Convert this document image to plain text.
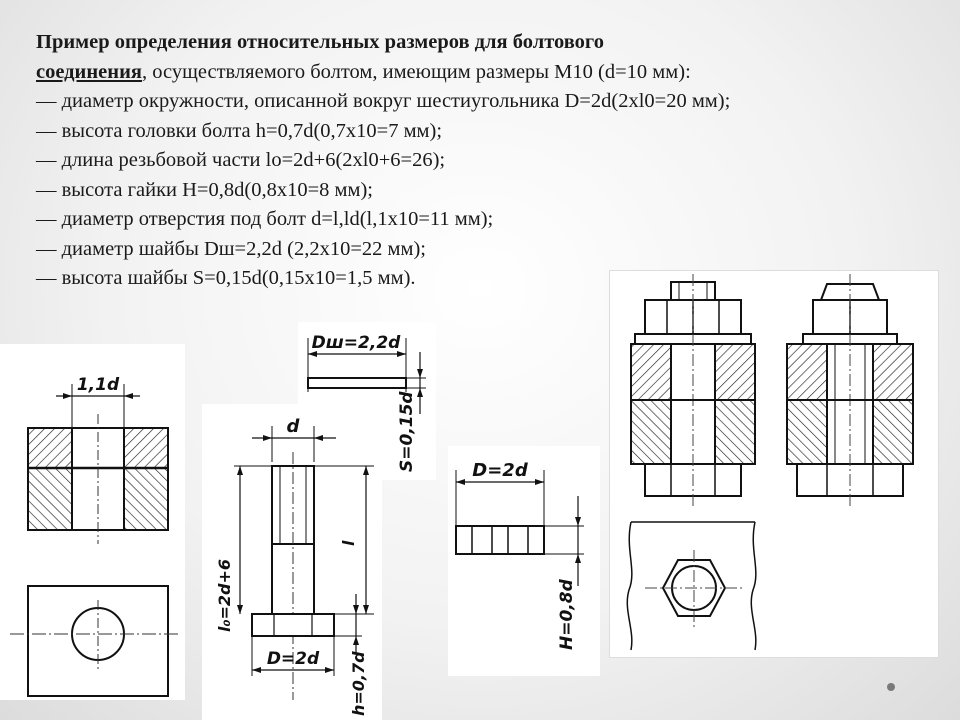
Пример определения относительных размеров для болтового
соединения, осуществляемого болтом, имеющим размеры М10 (d=10 мм):

— диаметр окружности, описанной вокруг шестиугольника D=2d(2xl0=20 мм);

— высота головки болта h=0,7d(0,7x10=7 мм);

— длина резьбовой части lo=2d+6(2xl0+6=26);

— высота гайки Н=0,8d(0,8x10=8 мм);

— диаметр отверстия под болт d=l,ld(l,1x10=11 мм);

— диаметр шайбы Dш=2,2d (2,2x10=22 мм);

— высота шайбы S=0,15d(0,15x10=1,5 мм).

1,1d
Dш=2,2d
S=0,15d
d
l₀=2d+6
l
D=2d h=0,7d
D=2d
H=0,8d
